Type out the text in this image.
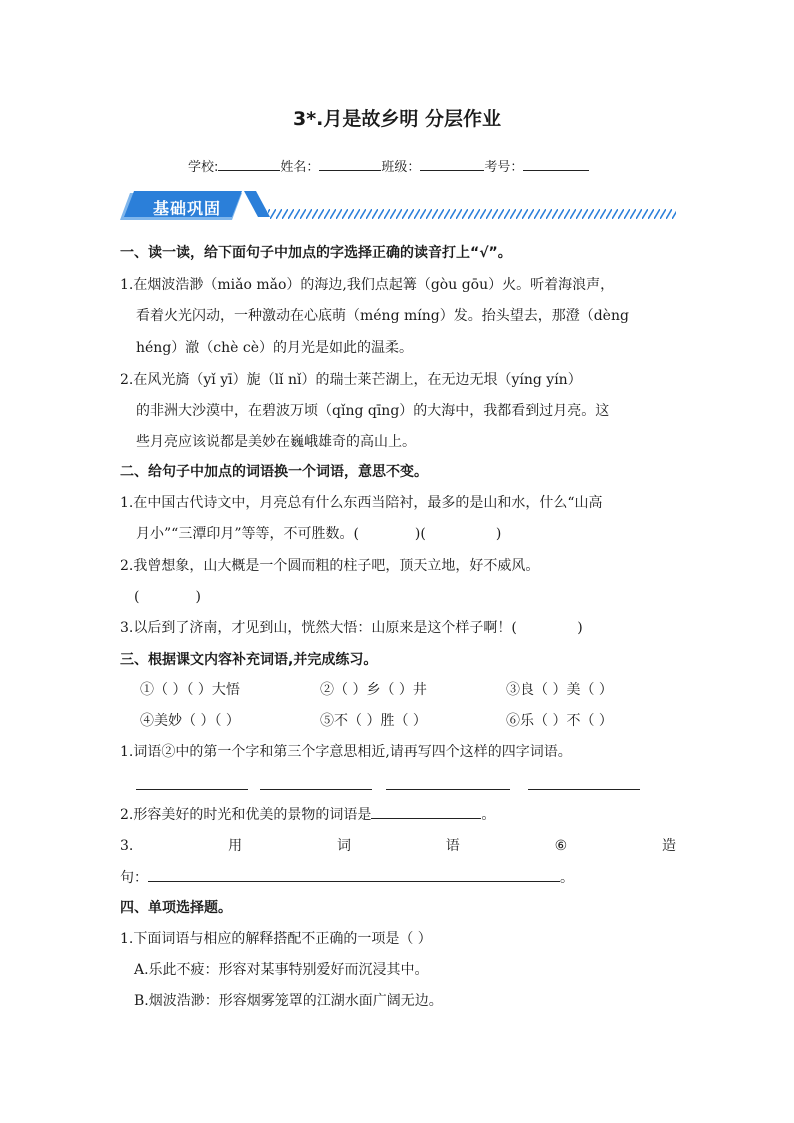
3*.月是故乡明 分层作业
学校:	姓名：	班级：	考号：
基础巩固
一、读一读，给下面句子中加点的字选择正确的读音打上“√”。
1.在烟波浩渺（miǎo mǎo）的海边,我们点起篝（gòu gōu）火。听着海浪声，
看着火光闪动，一种激动在心底萌（méng míng）发。抬头望去，那澄（dèng
héng）澈（chè cè）的月光是如此的温柔。
2.在风光旖（yǐ yī）旎（lǐ nǐ）的瑞士莱芒湖上，在无边无垠（yíng yín）
的非洲大沙漠中，在碧波万顷（qǐng qīng）的大海中，我都看到过月亮。这
些月亮应该说都是美妙在巍峨雄奇的高山上。
二、给句子中加点的词语换一个词语，意思不变。
1.在中国古代诗文中，月亮总有什么东西当陪衬，最多的是山和水，什么“山高
月小”“三潭印月”等等，不可胜数。(　　　　)(　　　　　)
2.我曾想象，山大概是一个圆而粗的柱子吧，顶天立地，好不威风。
(　　　　)
3.以后到了济南，才见到山，恍然大悟：山原来是这个样子啊！(　　　　 )
三、根据课文内容补充词语,并完成练习。
①（ ）（ ）大悟	②（ ）乡（ ）井	③良（ ）美（ ）
④美妙（ ）（ ）	⑤不（ ）胜（ ）	⑥乐（ ）不（ ）
1.词语②中的第一个字和第三个字意思相近,请再写四个这样的四字词语。
2.形容美好的时光和优美的景物的词语是	。
3.	用	词	语	⑥	造
句：	。
四、单项选择题。
1.下面词语与相应的解释搭配不正确的一项是（ ）
A.乐此不疲：形容对某事特别爱好而沉浸其中。
B.烟波浩渺：形容烟雾笼罩的江湖水面广阔无边。
